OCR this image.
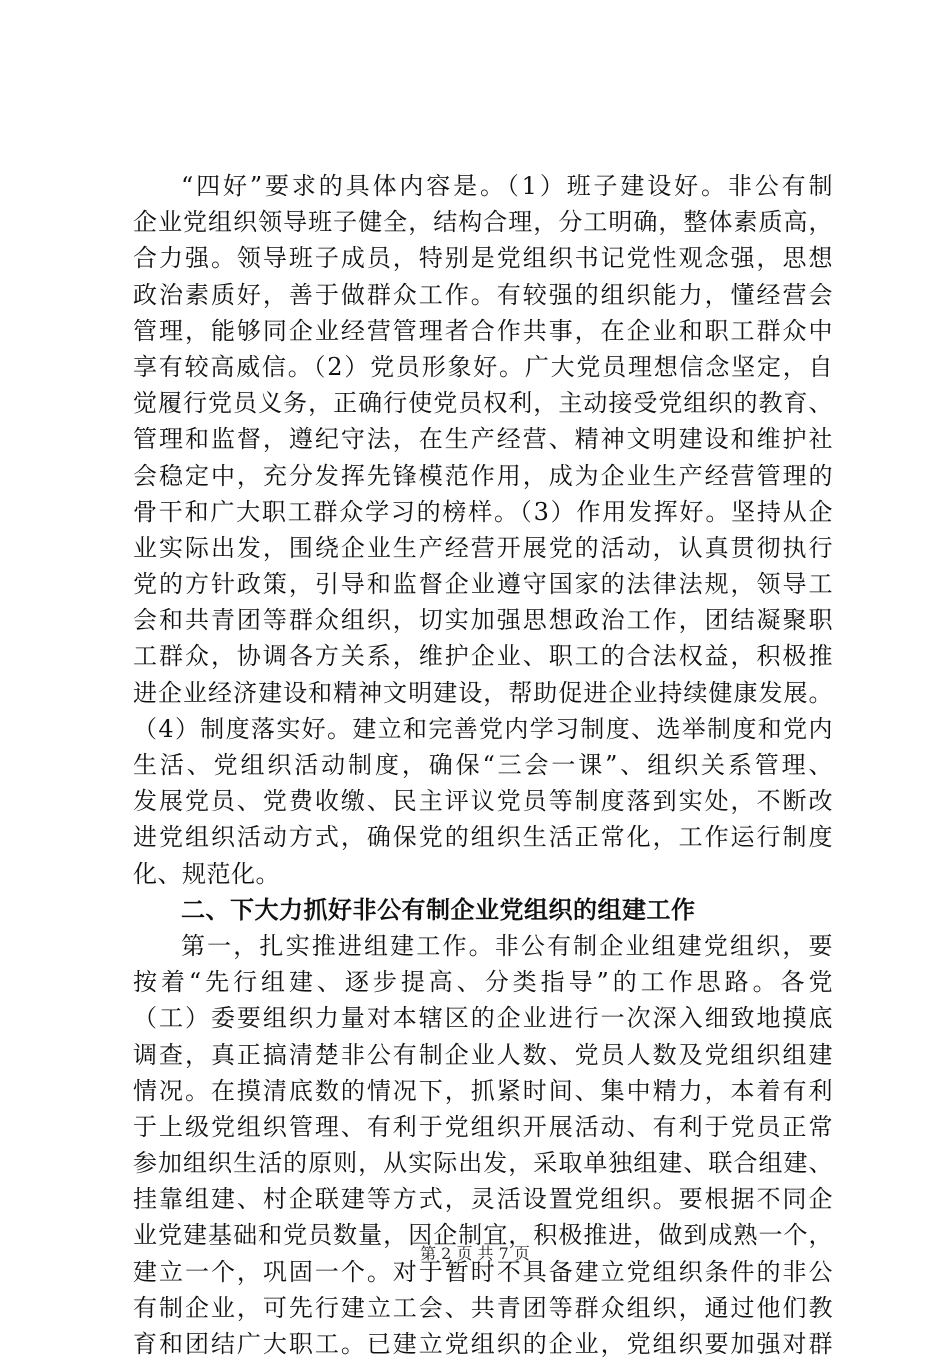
“四好”要求的具体内容是。（1）班子建设好。非公有制
企业党组织领导班子健全，结构合理，分工明确，整体素质高，
合力强。领导班子成员，特别是党组织书记党性观念强，思想
政治素质好，善于做群众工作。有较强的组织能力，懂经营会
管理，能够同企业经营管理者合作共事，在企业和职工群众中
享有较高威信。（2）党员形象好。广大党员理想信念坚定，自
觉履行党员义务，正确行使党员权利，主动接受党组织的教育、
管理和监督，遵纪守法，在生产经营、精神文明建设和维护社
会稳定中，充分发挥先锋模范作用，成为企业生产经营管理的
骨干和广大职工群众学习的榜样。（3）作用发挥好。坚持从企
业实际出发，围绕企业生产经营开展党的活动，认真贯彻执行
党的方针政策，引导和监督企业遵守国家的法律法规，领导工
会和共青团等群众组织，切实加强思想政治工作，团结凝聚职
工群众，协调各方关系，维护企业、职工的合法权益，积极推
进企业经济建设和精神文明建设，帮助促进企业持续健康发展。
（4）制度落实好。建立和完善党内学习制度、选举制度和党内
生活、党组织活动制度，确保“三会一课”、组织关系管理、
发展党员、党费收缴、民主评议党员等制度落到实处，不断改
进党组织活动方式，确保党的组织生活正常化，工作运行制度
化、规范化。
二、下大力抓好非公有制企业党组织的组建工作
第一，扎实推进组建工作。非公有制企业组建党组织，要
按着“先行组建、逐步提高、分类指导”的工作思路。各党
（工）委要组织力量对本辖区的企业进行一次深入细致地摸底
调查，真正搞清楚非公有制企业人数、党员人数及党组织组建
情况。在摸清底数的情况下，抓紧时间、集中精力，本着有利
于上级党组织管理、有利于党组织开展活动、有利于党员正常
参加组织生活的原则，从实际出发，采取单独组建、联合组建、
挂靠组建、村企联建等方式，灵活设置党组织。要根据不同企
业党建基础和党员数量，因企制宜，积极推进，做到成熟一个，
建立一个，巩固一个。对于暂时不具备建立党组织条件的非公
有制企业，可先行建立工会、共青团等群众组织，通过他们教
育和团结广大职工。已建立党组织的企业，党组织要加强对群
第 2 页 共 7 页
